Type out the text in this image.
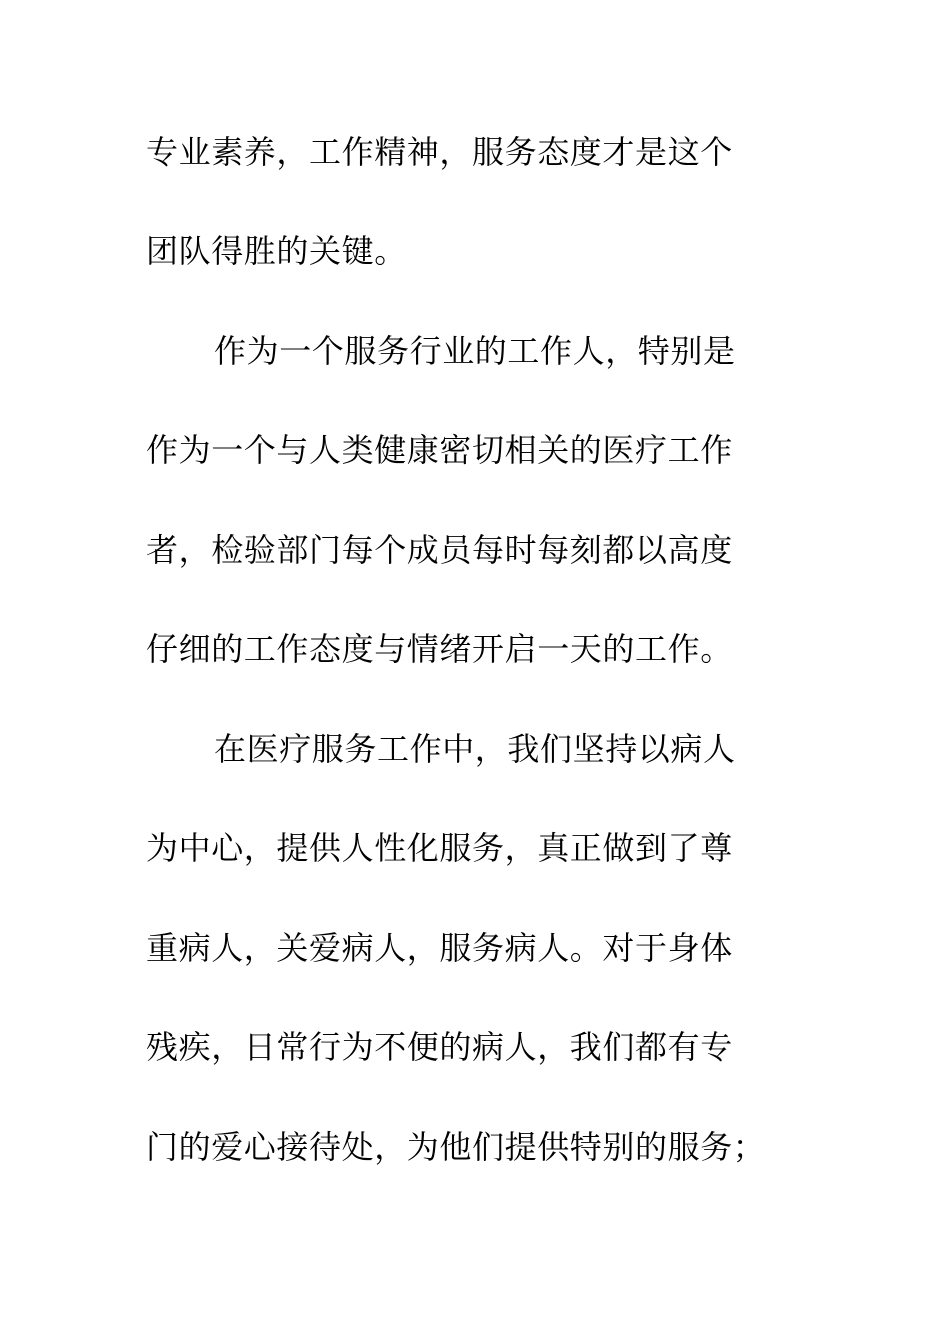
专业素养，工作精神，服务态度才是这个
团队得胜的关键。
作为一个服务行业的工作人，特别是
作为一个与人类健康密切相关的医疗工作
者，检验部门每个成员每时每刻都以高度
仔细的工作态度与情绪开启一天的工作。
在医疗服务工作中，我们坚持以病人
为中心，提供人性化服务，真正做到了尊
重病人，关爱病人，服务病人。对于身体
残疾，日常行为不便的病人，我们都有专
门的爱心接待处，为他们提供特别的服务；
